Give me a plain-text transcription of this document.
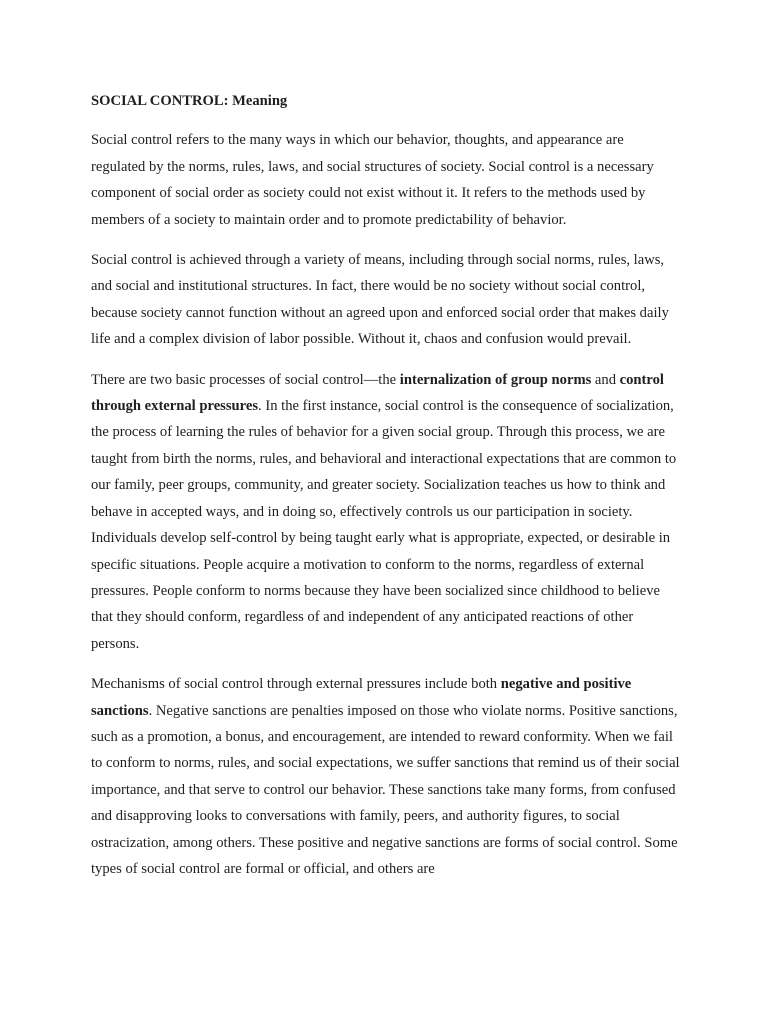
SOCIAL CONTROL: Meaning

Social control refers to the many ways in which our behavior, thoughts, and appearance are regulated by the norms, rules, laws, and social structures of society. Social control is a necessary component of social order as society could not exist without it. It refers to the methods used by members of a society to maintain order and to promote predictability of behavior.

Social control is achieved through a variety of means, including through social norms, rules, laws, and social and institutional structures. In fact, there would be no society without social control, because society cannot function without an agreed upon and enforced social order that makes daily life and a complex division of labor possible. Without it, chaos and confusion would prevail.

There are two basic processes of social control—the internalization of group norms and control through external pressures. In the first instance, social control is the consequence of socialization, the process of learning the rules of behavior for a given social group. Through this process, we are taught from birth the norms, rules, and behavioral and interactional expectations that are common to our family, peer groups, community, and greater society. Socialization teaches us how to think and behave in accepted ways, and in doing so, effectively controls us our participation in society. Individuals develop self-control by being taught early what is appropriate, expected, or desirable in specific situations. People acquire a motivation to conform to the norms, regardless of external pressures. People conform to norms because they have been socialized since childhood to believe that they should conform, regardless of and independent of any anticipated reactions of other persons.

Mechanisms of social control through external pressures include both negative and positive sanctions. Negative sanctions are penalties imposed on those who violate norms. Positive sanctions, such as a promotion, a bonus, and encouragement, are intended to reward conformity. When we fail to conform to norms, rules, and social expectations, we suffer sanctions that remind us of their social importance, and that serve to control our behavior. These sanctions take many forms, from confused and disapproving looks to conversations with family, peers, and authority figures, to social ostracization, among others. These positive and negative sanctions are forms of social control. Some types of social control are formal or official, and others are
